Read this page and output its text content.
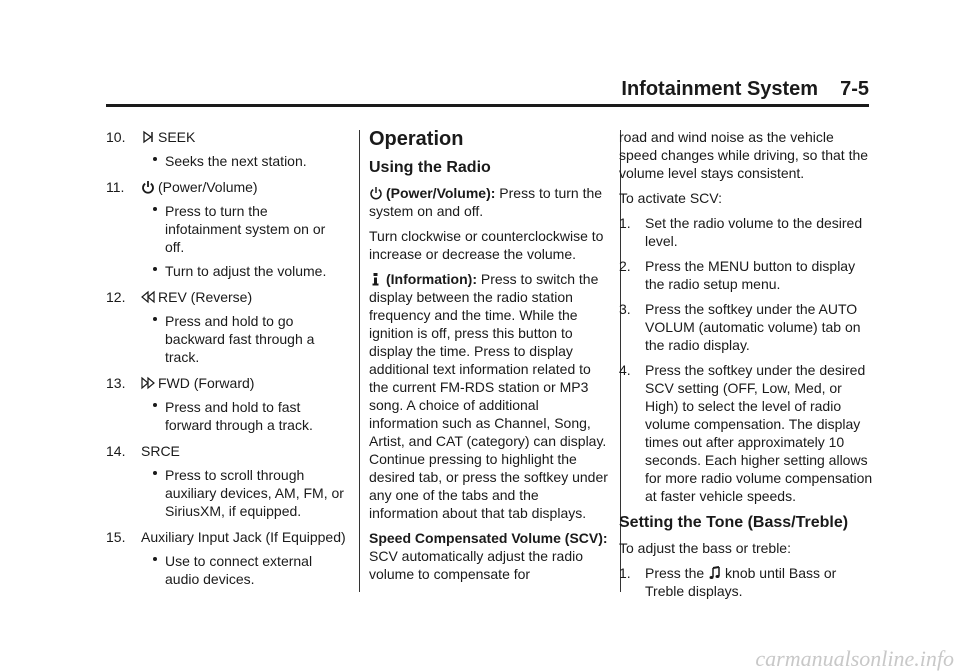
Infotainment System 7-5
10.	SEEK
Seeks the next station.
11.	(Power/Volume)
Press to turn the infotainment system on or off.
Turn to adjust the volume.
12.	REV (Reverse)
Press and hold to go backward fast through a track.
13.	FWD (Forward)
Press and hold to fast forward through a track.
14.	SRCE
Press to scroll through auxiliary devices, AM, FM, or SiriusXM, if equipped.
15.	Auxiliary Input Jack (If Equipped)
Use to connect external audio devices.
Operation
Using the Radio

(Power/Volume): Press to turn the system on and off.

Turn clockwise or counterclockwise to increase or decrease the volume.

(Information): Press to switch the display between the radio station frequency and the time. While the ignition is off, press this button to display the time. Press to display additional text information related to the current FM-RDS station or MP3 song. A choice of additional information such as Channel, Song, Artist, and CAT (category) can display. Continue pressing to highlight the desired tab, or press the softkey under any one of the tabs and the information about that tab displays.

Speed Compensated Volume (SCV): SCV automatically adjust the radio volume to compensate for

road and wind noise as the vehicle speed changes while driving, so that the volume level stays consistent.

To activate SCV:

1.	Set the radio volume to the desired level.
2.	Press the MENU button to display the radio setup menu.
3.	Press the softkey under the AUTO VOLUM (automatic volume) tab on the radio display.
4.	Press the softkey under the desired SCV setting (OFF, Low, Med, or High) to select the level of radio volume compensation. The display times out after approximately 10 seconds. Each higher setting allows for more radio volume compensation at faster vehicle speeds.
Setting the Tone (Bass/Treble)

To adjust the bass or treble:

1.	Press the knob until Bass or Treble displays.
carmanualsonline.info
